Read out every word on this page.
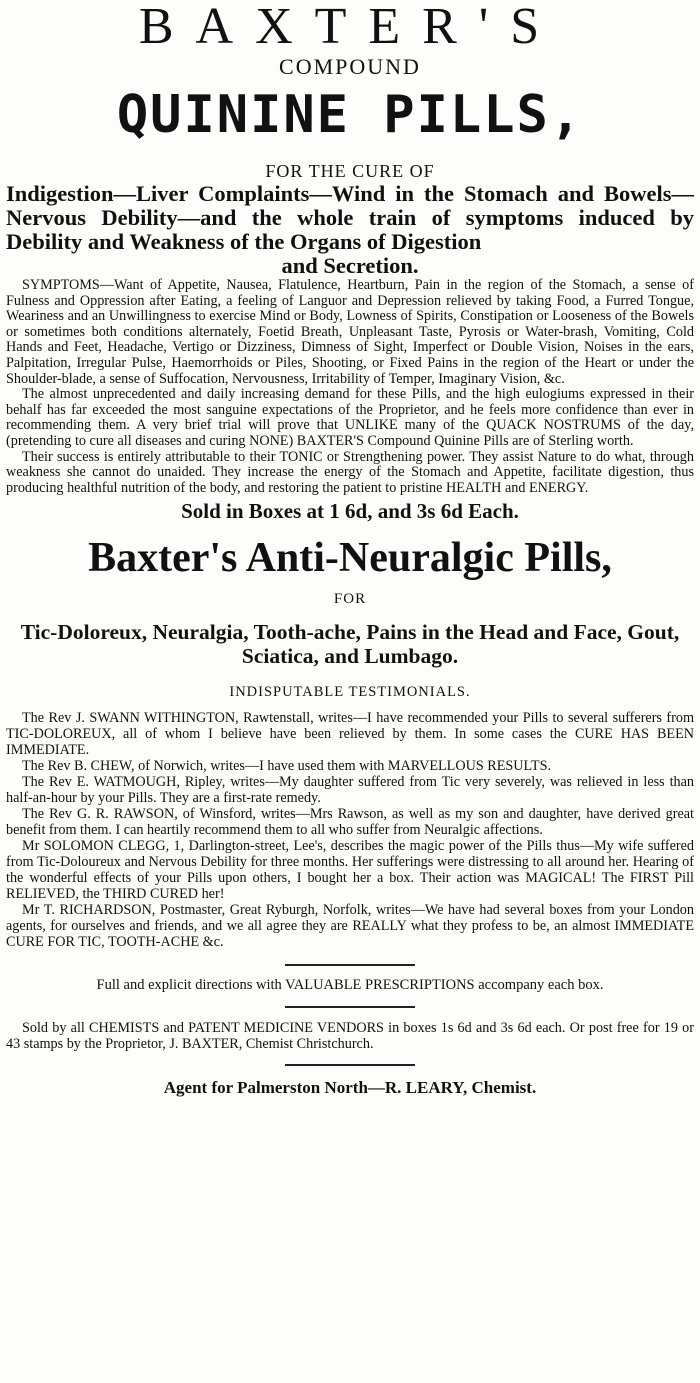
BAXTER'S
COMPOUND
QUININE PILLS,
FOR THE CURE OF
Indigestion—Liver Complaints—Wind in the Stomach and Bowels—Nervous Debility—and the whole train of symptoms induced by Debility and Weakness of the Organs of Digestion
and Secretion.

SYMPTOMS—Want of Appetite, Nausea, Flatulence, Heartburn, Pain in the region of the Stomach, a sense of Fulness and Oppression after Eating, a feeling of Languor and Depression relieved by taking Food, a Furred Tongue, Weariness and an Unwillingness to exercise Mind or Body, Lowness of Spirits, Constipation or Looseness of the Bowels or sometimes both conditions alternately, Foetid Breath, Unpleasant Taste, Pyrosis or Water-brash, Vomiting, Cold Hands and Feet, Headache, Vertigo or Dizziness, Dimness of Sight, Imperfect or Double Vision, Noises in the ears, Palpitation, Irregular Pulse, Haemorrhoids or Piles, Shooting, or Fixed Pains in the region of the Heart or under the Shoulder-blade, a sense of Suffocation, Nervousness, Irritability of Temper, Imaginary Vision, &c.

The almost unprecedented and daily increasing demand for these Pills, and the high eulogiums expressed in their behalf has far exceeded the most sanguine expectations of the Proprietor, and he feels more confidence than ever in recommending them. A very brief trial will prove that UNLIKE many of the QUACK NOSTRUMS of the day, (pretending to cure all diseases and curing NONE) BAXTER'S Compound Quinine Pills are of Sterling worth.

Their success is entirely attributable to their TONIC or Strengthening power. They assist Nature to do what, through weakness she cannot do unaided. They increase the energy of the Stomach and Appetite, facilitate digestion, thus producing healthful nutrition of the body, and restoring the patient to pristine HEALTH and ENERGY.

Sold in Boxes at 1 6d, and 3s 6d Each.
Baxter's Anti-Neuralgic Pills,
FOR
Tic-Doloreux, Neuralgia, Tooth-ache, Pains in the Head and Face, Gout, Sciatica, and Lumbago.
INDISPUTABLE TESTIMONIALS.

The Rev J. SWANN WITHINGTON, Rawtenstall, writes—I have recommended your Pills to several sufferers from TIC-DOLOREUX, all of whom I believe have been relieved by them. In some cases the CURE HAS BEEN IMMEDIATE.

The Rev B. CHEW, of Norwich, writes—I have used them with MARVELLOUS RESULTS.

The Rev E. WATMOUGH, Ripley, writes—My daughter suffered from Tic very severely, was relieved in less than half-an-hour by your Pills. They are a first-rate remedy.

The Rev G. R. RAWSON, of Winsford, writes—Mrs Rawson, as well as my son and daughter, have derived great benefit from them. I can heartily recommend them to all who suffer from Neuralgic affections.

Mr SOLOMON CLEGG, 1, Darlington-street, Lee's, describes the magic power of the Pills thus—My wife suffered from Tic-Doloureux and Nervous Debility for three months. Her sufferings were distressing to all around her. Hearing of the wonderful effects of your Pills upon others, I bought her a box. Their action was MAGICAL! The FIRST Pill RELIEVED, the THIRD CURED her!

Mr T. RICHARDSON, Postmaster, Great Ryburgh, Norfolk, writes—We have had several boxes from your London agents, for ourselves and friends, and we all agree they are REALLY what they profess to be, an almost IMMEDIATE CURE FOR TIC, TOOTH-ACHE &c.

Full and explicit directions with VALUABLE PRESCRIPTIONS accompany each box.

Sold by all CHEMISTS and PATENT MEDICINE VENDORS in boxes 1s 6d and 3s 6d each. Or post free for 19 or 43 stamps by the Proprietor, J. BAXTER, Chemist Christchurch.

Agent for Palmerston North—R. LEARY, Chemist.
